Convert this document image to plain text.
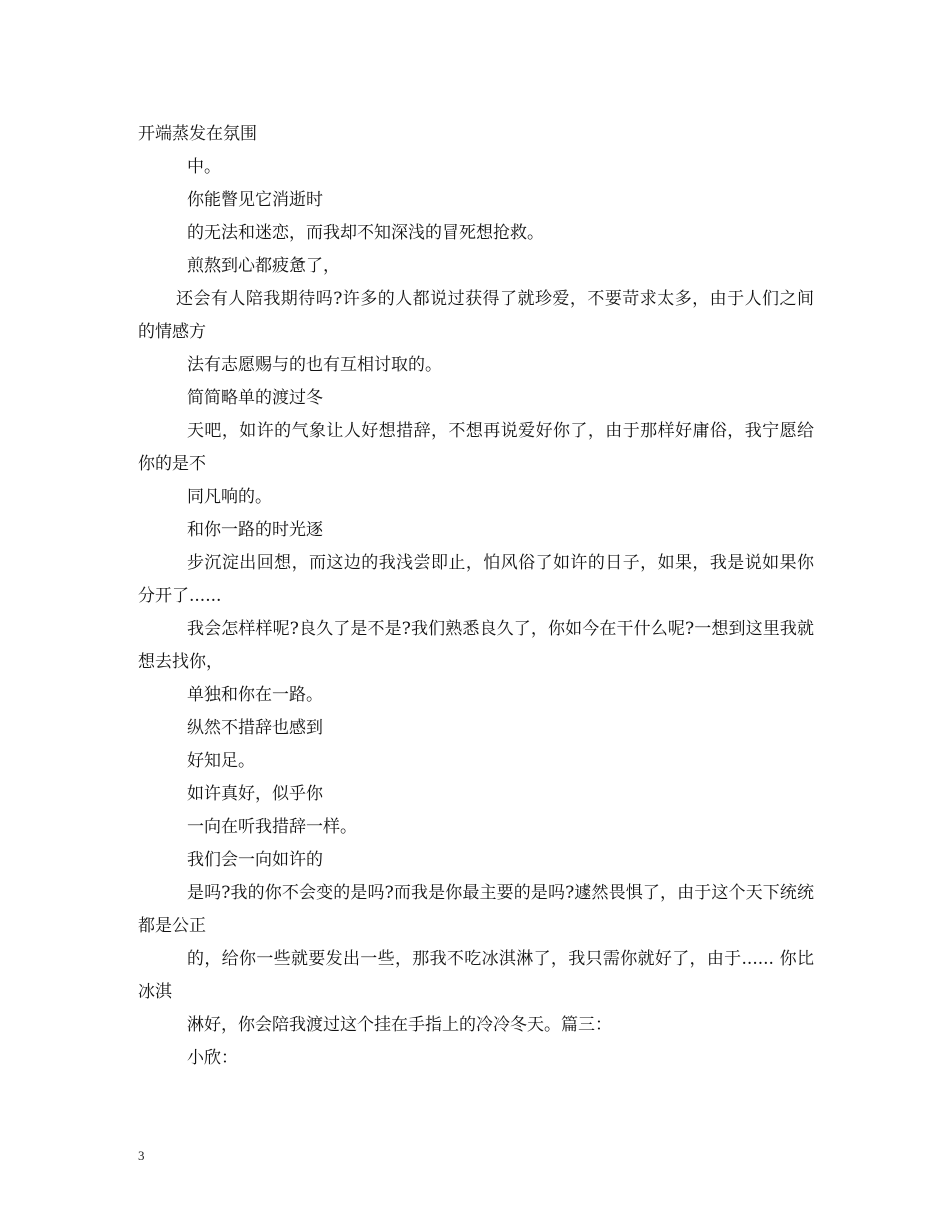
开端蒸发在氛围

中。

你能瞥见它消逝时

的无法和迷恋，而我却不知深浅的冒死想抢救。

煎熬到心都疲惫了，

还会有人陪我期待吗?许多的人都说过获得了就珍爱，不要苛求太多，由于人们之间的情感方

法有志愿赐与的也有互相讨取的。

简简略单的渡过冬

天吧，如许的气象让人好想措辞，不想再说爱好你了，由于那样好庸俗，我宁愿给你的是不

同凡响的。

和你一路的时光逐

步沉淀出回想，而这边的我浅尝即止，怕风俗了如许的日子，如果，我是说如果你分开了......

我会怎样样呢?良久了是不是?我们熟悉良久了，你如今在干什么呢?一想到这里我就想去找你，

单独和你在一路。

纵然不措辞也感到

好知足。

如许真好，似乎你

一向在听我措辞一样。

我们会一向如许的

是吗?我的你不会变的是吗?而我是你最主要的是吗?遽然畏惧了，由于这个天下统统都是公正

的，给你一些就要发出一些，那我不吃冰淇淋了，我只需你就好了，由于...... 你比冰淇

淋好，你会陪我渡过这个挂在手指上的冷冷冬天。篇三：

小欣：

3
